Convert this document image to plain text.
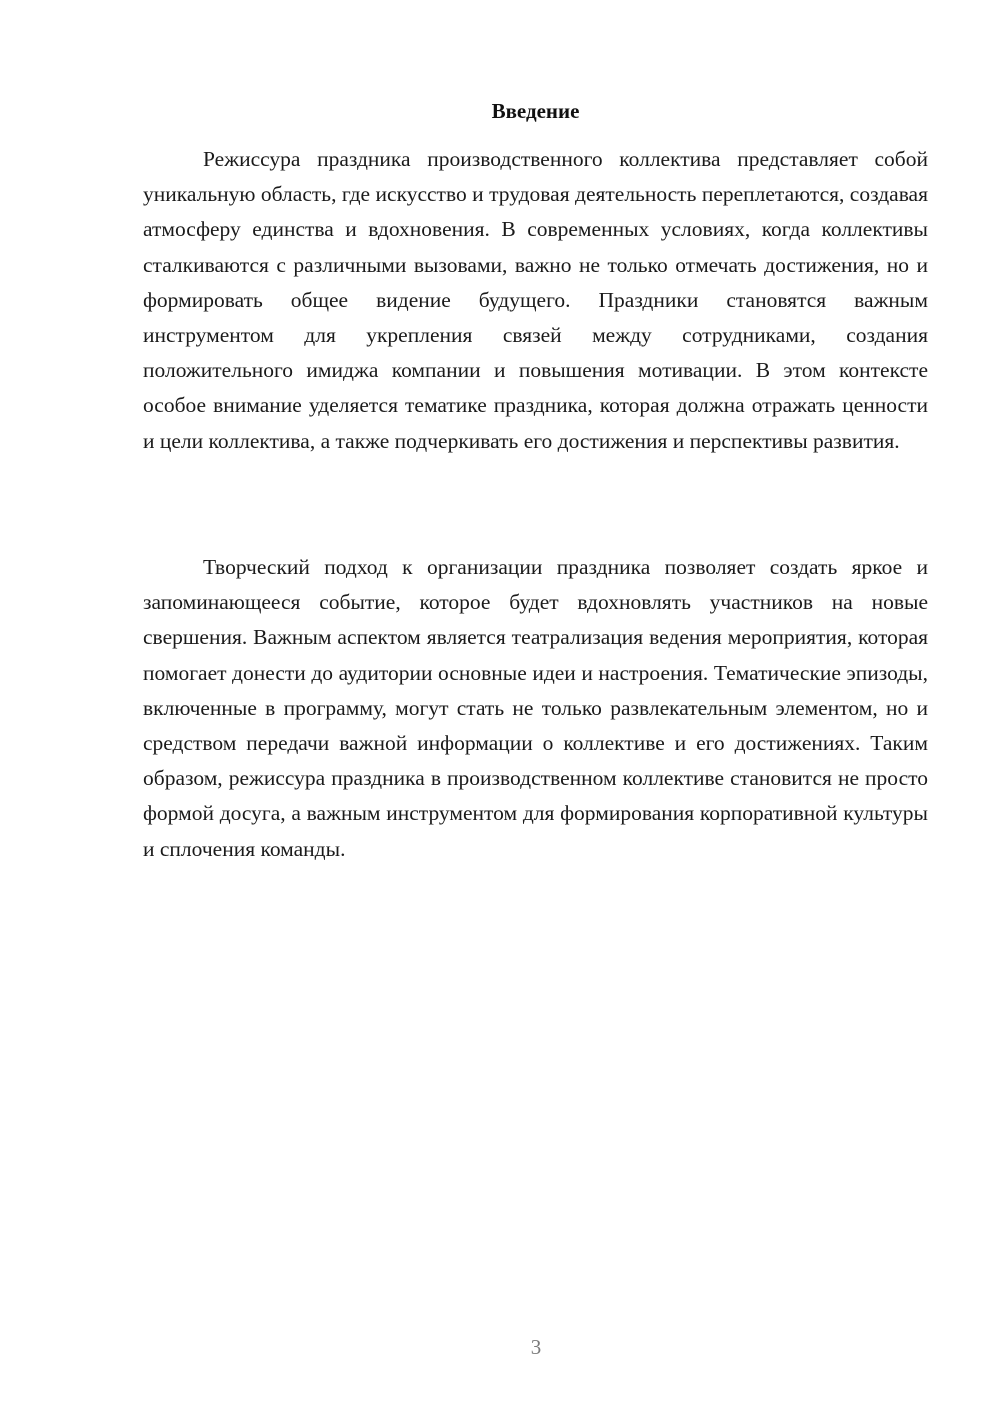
Введение

Режиссура праздника производственного коллектива представляет собой уникальную область, где искусство и трудовая деятельность переплетаются, создавая атмосферу единства и вдохновения. В современных условиях, когда коллективы сталкиваются с различными вызовами, важно не только отмечать достижения, но и формировать общее видение будущего. Праздники становятся важным инструментом для укрепления связей между сотрудниками, создания положительного имиджа компании и повышения мотивации. В этом контексте особое внимание уделяется тематике праздника, которая должна отражать ценности и цели коллектива, а также подчеркивать его достижения и перспективы развития.

Творческий подход к организации праздника позволяет создать яркое и запоминающееся событие, которое будет вдохновлять участников на новые свершения. Важным аспектом является театрализация ведения мероприятия, которая помогает донести до аудитории основные идеи и настроения. Тематические эпизоды, включенные в программу, могут стать не только развлекательным элементом, но и средством передачи важной информации о коллективе и его достижениях. Таким образом, режиссура праздника в производственном коллективе становится не просто формой досуга, а важным инструментом для формирования корпоративной культуры и сплочения команды.

3
